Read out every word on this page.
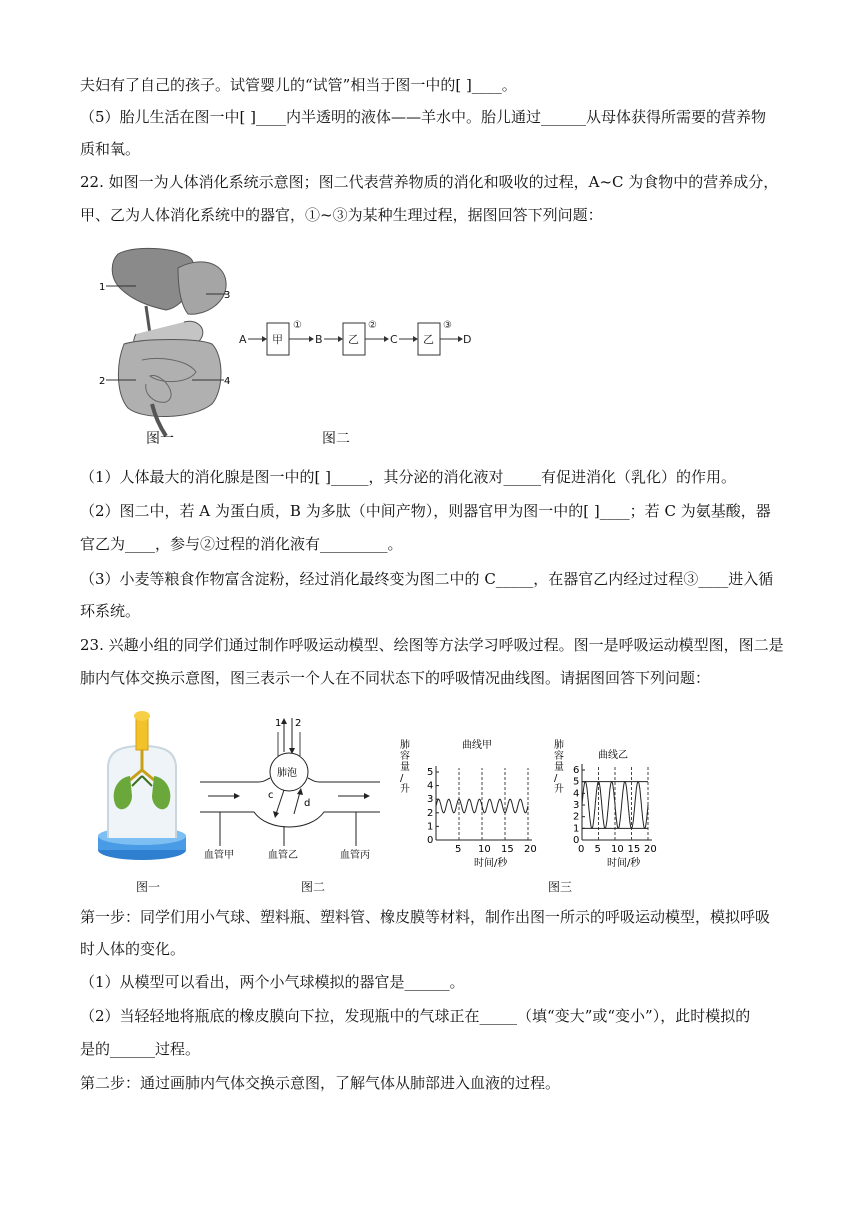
夫妇有了自己的孩子。试管婴儿的“试管”相当于图一中的[ ]____。
（5）胎儿生活在图一中[ ]____内半透明的液体——羊水中。胎儿通过______从母体获得所需要的营养物
质和氧。
22. 如图一为人体消化系统示意图；图二代表营养物质的消化和吸收的过程，A~C 为食物中的营养成分，
甲、乙为人体消化系统中的器官，①~③为某种生理过程，据图回答下列问题：
1
3
2	4
A 甲
①
B 乙
②
C 乙
③
D
图一	图二
（1）人体最大的消化腺是图一中的[ ]_____，其分泌的消化液对_____有促进消化（乳化）的作用。
（2）图二中，若 A 为蛋白质，B 为多肽（中间产物），则器官甲为图一中的[ ]____；若 C 为氨基酸，器
官乙为____，参与②过程的消化液有_________。
（3）小麦等粮食作物富含淀粉，经过消化最终变为图二中的 C_____，在器官乙内经过过程③____进入循
环系统。
23. 兴趣小组的同学们通过制作呼吸运动模型、绘图等方法学习呼吸过程。图一是呼吸运动模型图，图二是
肺内气体交换示意图，图三表示一个人在不同状态下的呼吸情况曲线图。请据图回答下列问题：
图一
1 2
肺泡
c
d
血管甲	血管乙	血管丙
图二
0
1
2
3
4
5
5 10 15 20
肺
容
量
/
升
时间/秒
曲线甲
0
1
2
3
4
5
6
0 5 10 15 20
肺
容
量
/
升
时间/秒
曲线乙
图三
第一步：同学们用小气球、塑料瓶、塑料管、橡皮膜等材料，制作出图一所示的呼吸运动模型，模拟呼吸
时人体的变化。
（1）从模型可以看出，两个小气球模拟的器官是______。
（2）当轻轻地将瓶底的橡皮膜向下拉，发现瓶中的气球正在_____（填“变大”或“变小”），此时模拟的
是的______过程。
第二步：通过画肺内气体交换示意图，了解气体从肺部进入血液的过程。
